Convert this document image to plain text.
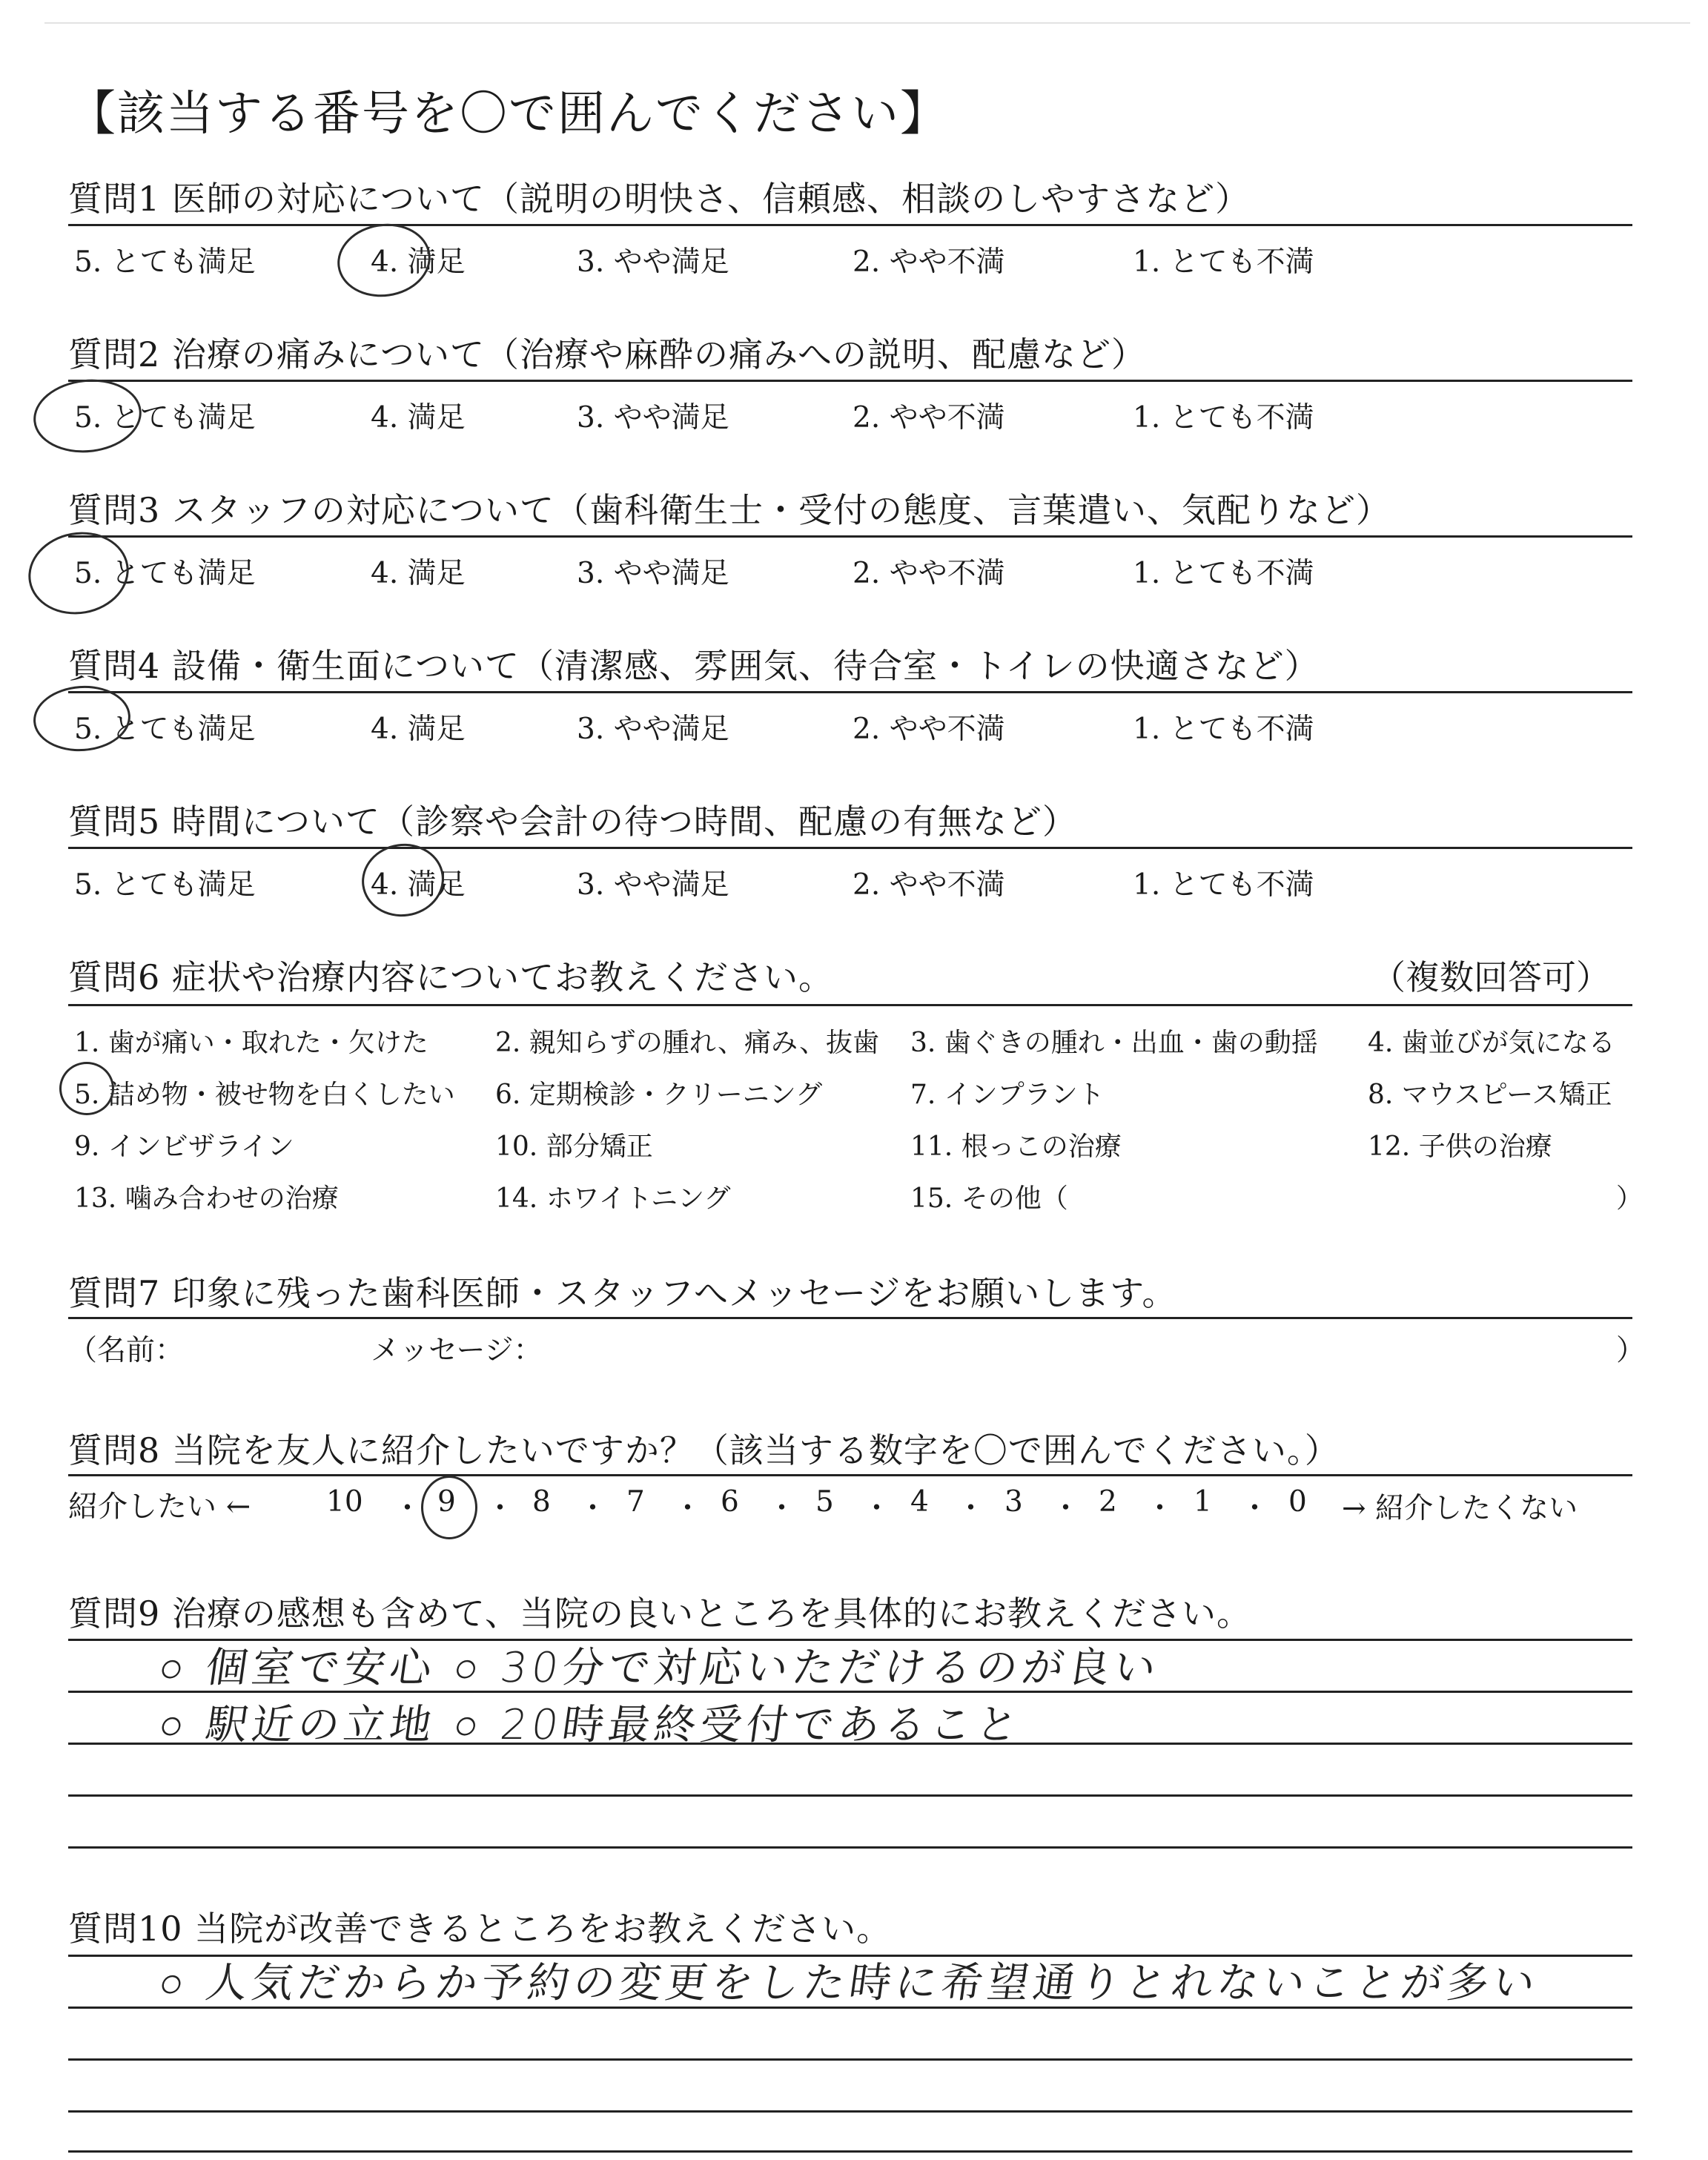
【該当する番号を〇で囲んでください】
質問1 医師の対応について（説明の明快さ、信頼感、相談のしやすさなど）
5. とても満足	4. 満足	3. やや満足	2. やや不満	1. とても不満
質問2 治療の痛みについて（治療や麻酔の痛みへの説明、配慮など）
5. とても満足	4. 満足	3. やや満足	2. やや不満	1. とても不満
質問3 スタッフの対応について（歯科衛生士・受付の態度、言葉遣い、気配りなど）
5. とても満足	4. 満足	3. やや満足	2. やや不満	1. とても不満
質問4 設備・衛生面について（清潔感、雰囲気、待合室・トイレの快適さなど）
5. とても満足	4. 満足	3. やや満足	2. やや不満	1. とても不満
質問5 時間について（診察や会計の待つ時間、配慮の有無など）
5. とても満足	4. 満足	3. やや満足	2. やや不満	1. とても不満
質問6 症状や治療内容についてお教えください。	（複数回答可）
1. 歯が痛い・取れた・欠けた	2. 親知らずの腫れ、痛み、抜歯 3. 歯ぐきの腫れ・出血・歯の動揺 4. 歯並びが気になる
5. 詰め物・被せ物を白くしたい 6. 定期検診・クリーニング	7. インプラント	8. マウスピース矯正
9. インビザライン	10. 部分矯正	11. 根っこの治療	12. 子供の治療
13. 噛み合わせの治療	14. ホワイトニング	15. その他（	）
質問7 印象に残った歯科医師・スタッフへメッセージをお願いします。
（名前：	メッセージ：	）
質問8 当院を友人に紹介したいですか？（該当する数字を〇で囲んでください。）
紹介したい ←	10 ・ 9 ・ 8 ・ 7 ・ 6 ・ 5 ・ 4 ・ 3 ・ 2 ・ 1 ・ 0 → 紹介したくない
質問9 治療の感想も含めて、当院の良いところを具体的にお教えください。
○ 個室で安心 ○ 30分で対応いただけるのが良い
○ 駅近の立地 ○ 20時最終受付であること
質問10 当院が改善できるところをお教えください。
○ 人気だからか予約の変更をした時に希望通りとれないことが多い
